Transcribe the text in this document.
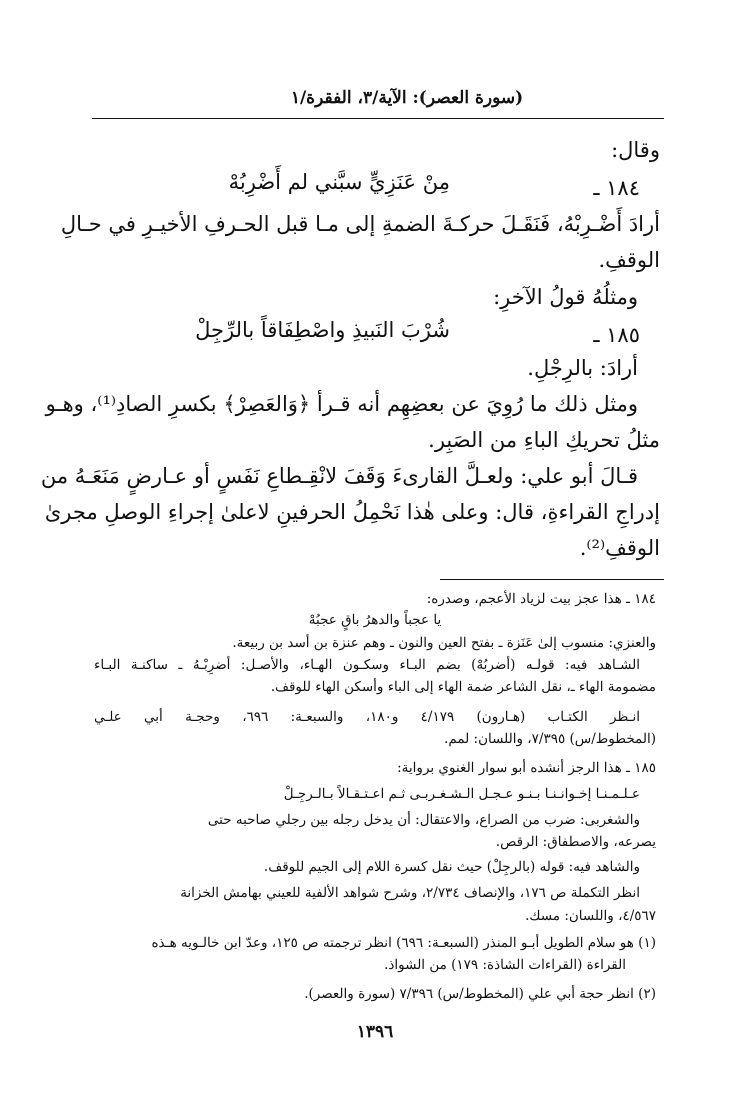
(سورة العصر): الآية/٣، الفقرة/١
وقال:
١٨٤ ـ
مِنْ عَنَزِيٍّ سبَّني لم أَضْرِبُهْ
أرادَ أَضْـرِبْهُ، فَنَقَـلَ حركـةَ الضمةِ إلى مـا قبل الحـرفِ الأخيـرِ في حـالِ
الوقفِ.
ومثلُهُ قولُ الآخرِ:
١٨٥ ـ
شُرْبَ النَبيذِ واصْطِفَاقاً بالرِّجِلْ
أرادَ: بالرِجْلِ.
ومثل ذلك ما رُوِيَ عن بعضِهِم أنه قـرأ ﴿وَالعَصِرْ﴾ بكسرِ الصادِ⁽¹⁾، وهـو
مثلُ تحريكِ الباءِ من الصَبِر.
قـالَ أبو علي: ولعـلَّ القارىءَ وَقَفَ لانْقِـطاعِ نَفَسٍ أو عـارضٍ مَنَعَـهُ من
إدراجِ القراءةِ، قال: وعلى هٰذا نَحْمِلُ الحرفينِ لاعلىٰ إجراءِ الوصلِ مجرىٰ
الوقفِ⁽²⁾.
١٨٤ ـ هذا عجز بيت لزياد الأعجم، وصدره:
يا عجباً والدهرُ باقٍ عجبُهْ
والعنزي: منسوب إلىٰ عَنَزة ـ بفتح العين والنون ـ وهم عنزة بن أسد بن ربيعة.
الشـاهد فيه: قولـه (أضربُهْ) بضم البـاء وسكـون الهـاء، والأصـل: أضرِبْـهُ ـ ساكنـة البـاء
مضمومة الهاء ـ، نقل الشاعر ضمة الهاء إلى الباء وأسكن الهاء للوقف.
انـظر الكتـاب (هـارون) ٤/١٧٩ و١٨٠، والسبعـة: ٦٩٦، وحجـة أبي علـي
(المخطوط/س) ٧/٣٩٥، واللسان: لمم.
١٨٥ ـ هذا الرجز أنشده أبو سوار الغنوي برواية:
عـلـمـنـا إخـوانـنـا بـنـو عـجـل الـشـغـربـى ثـم اعـتـقـالاً بـالـرجِـلْ
والشغربى: ضرب من الصراع، والاعتقال: أن يدخل رجله بين رجلي صاحبه حتى
يصرعه، والاصطفاق: الرقص.
والشاهد فيه: قوله (بالرجِلْ) حيث نقل كسرة اللام إلى الجيم للوقف.
انظر التكملة ص ١٧٦، والإنصاف ٢/٧٣٤، وشرح شواهد الألفية للعيني بهامش الخزانة
٤/٥٦٧، واللسان: مسك.
(١) هو سلام الطويل أبـو المنذر (السبعـة: ٦٩٦) انظر ترجمته ص ١٢٥، وعدّ ابن خالـويه هـذه
القراءة (القراءات الشاذة: ١٧٩) من الشواذ.
(٢) انظر حجة أبي علي (المخطوط/س) ٧/٣٩٦ (سورة والعصر).
١٣٩٦
